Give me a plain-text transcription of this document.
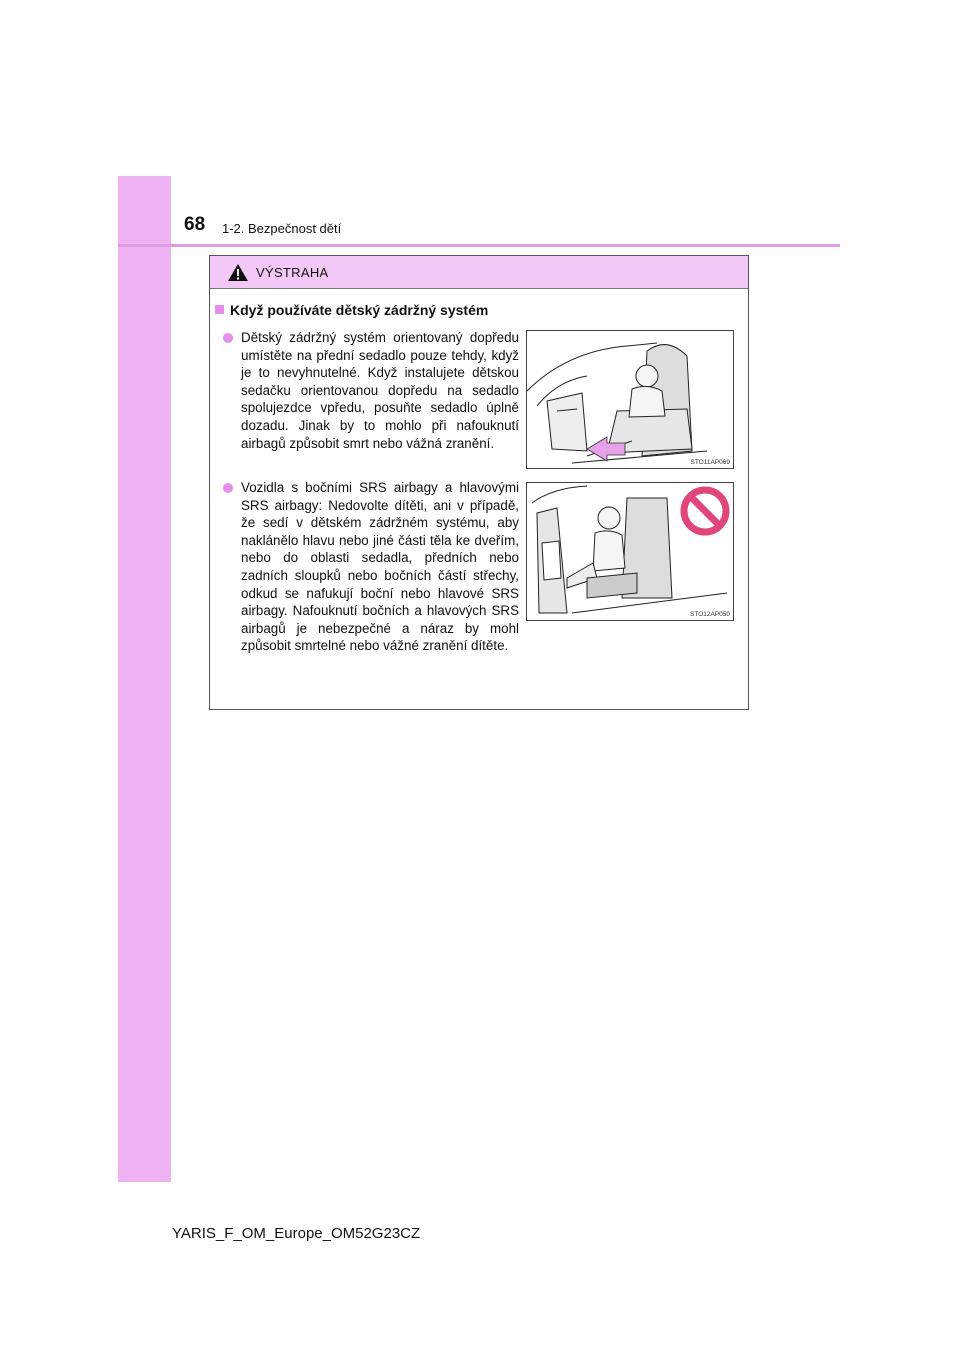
68 1-2. Bezpečnost dětí
VÝSTRAHA
Když používáte dětský zádržný systém
Dětský zádržný systém orientovaný dopředu umístěte na přední sedadlo pouze tehdy, když je to nevyhnutelné. Když instalujete dětskou sedačku orientovanou dopředu na sedadlo spolujezdce vpředu, posuňte sedadlo úplně dozadu. Jinak by to mohlo při nafouknutí airbagů způsobit smrt nebo vážná zranění.
STO11AP069
Vozidla s bočními SRS airbagy a hlavovými SRS airbagy: Nedovolte dítěti, ani v případě, že sedí v dětském zádržném systému, aby naklánělo hlavu nebo jiné části těla ke dveřím, nebo do oblasti sedadla, předních nebo zadních sloupků nebo bočních částí střechy, odkud se nafukují boční nebo hlavové SRS airbagy. Nafouknutí bočních a hlavových SRS airbagů je nebezpečné a náraz by mohl způsobit smrtelné nebo vážné zranění dítěte.
STO12AP050
YARIS_F_OM_Europe_OM52G23CZ
